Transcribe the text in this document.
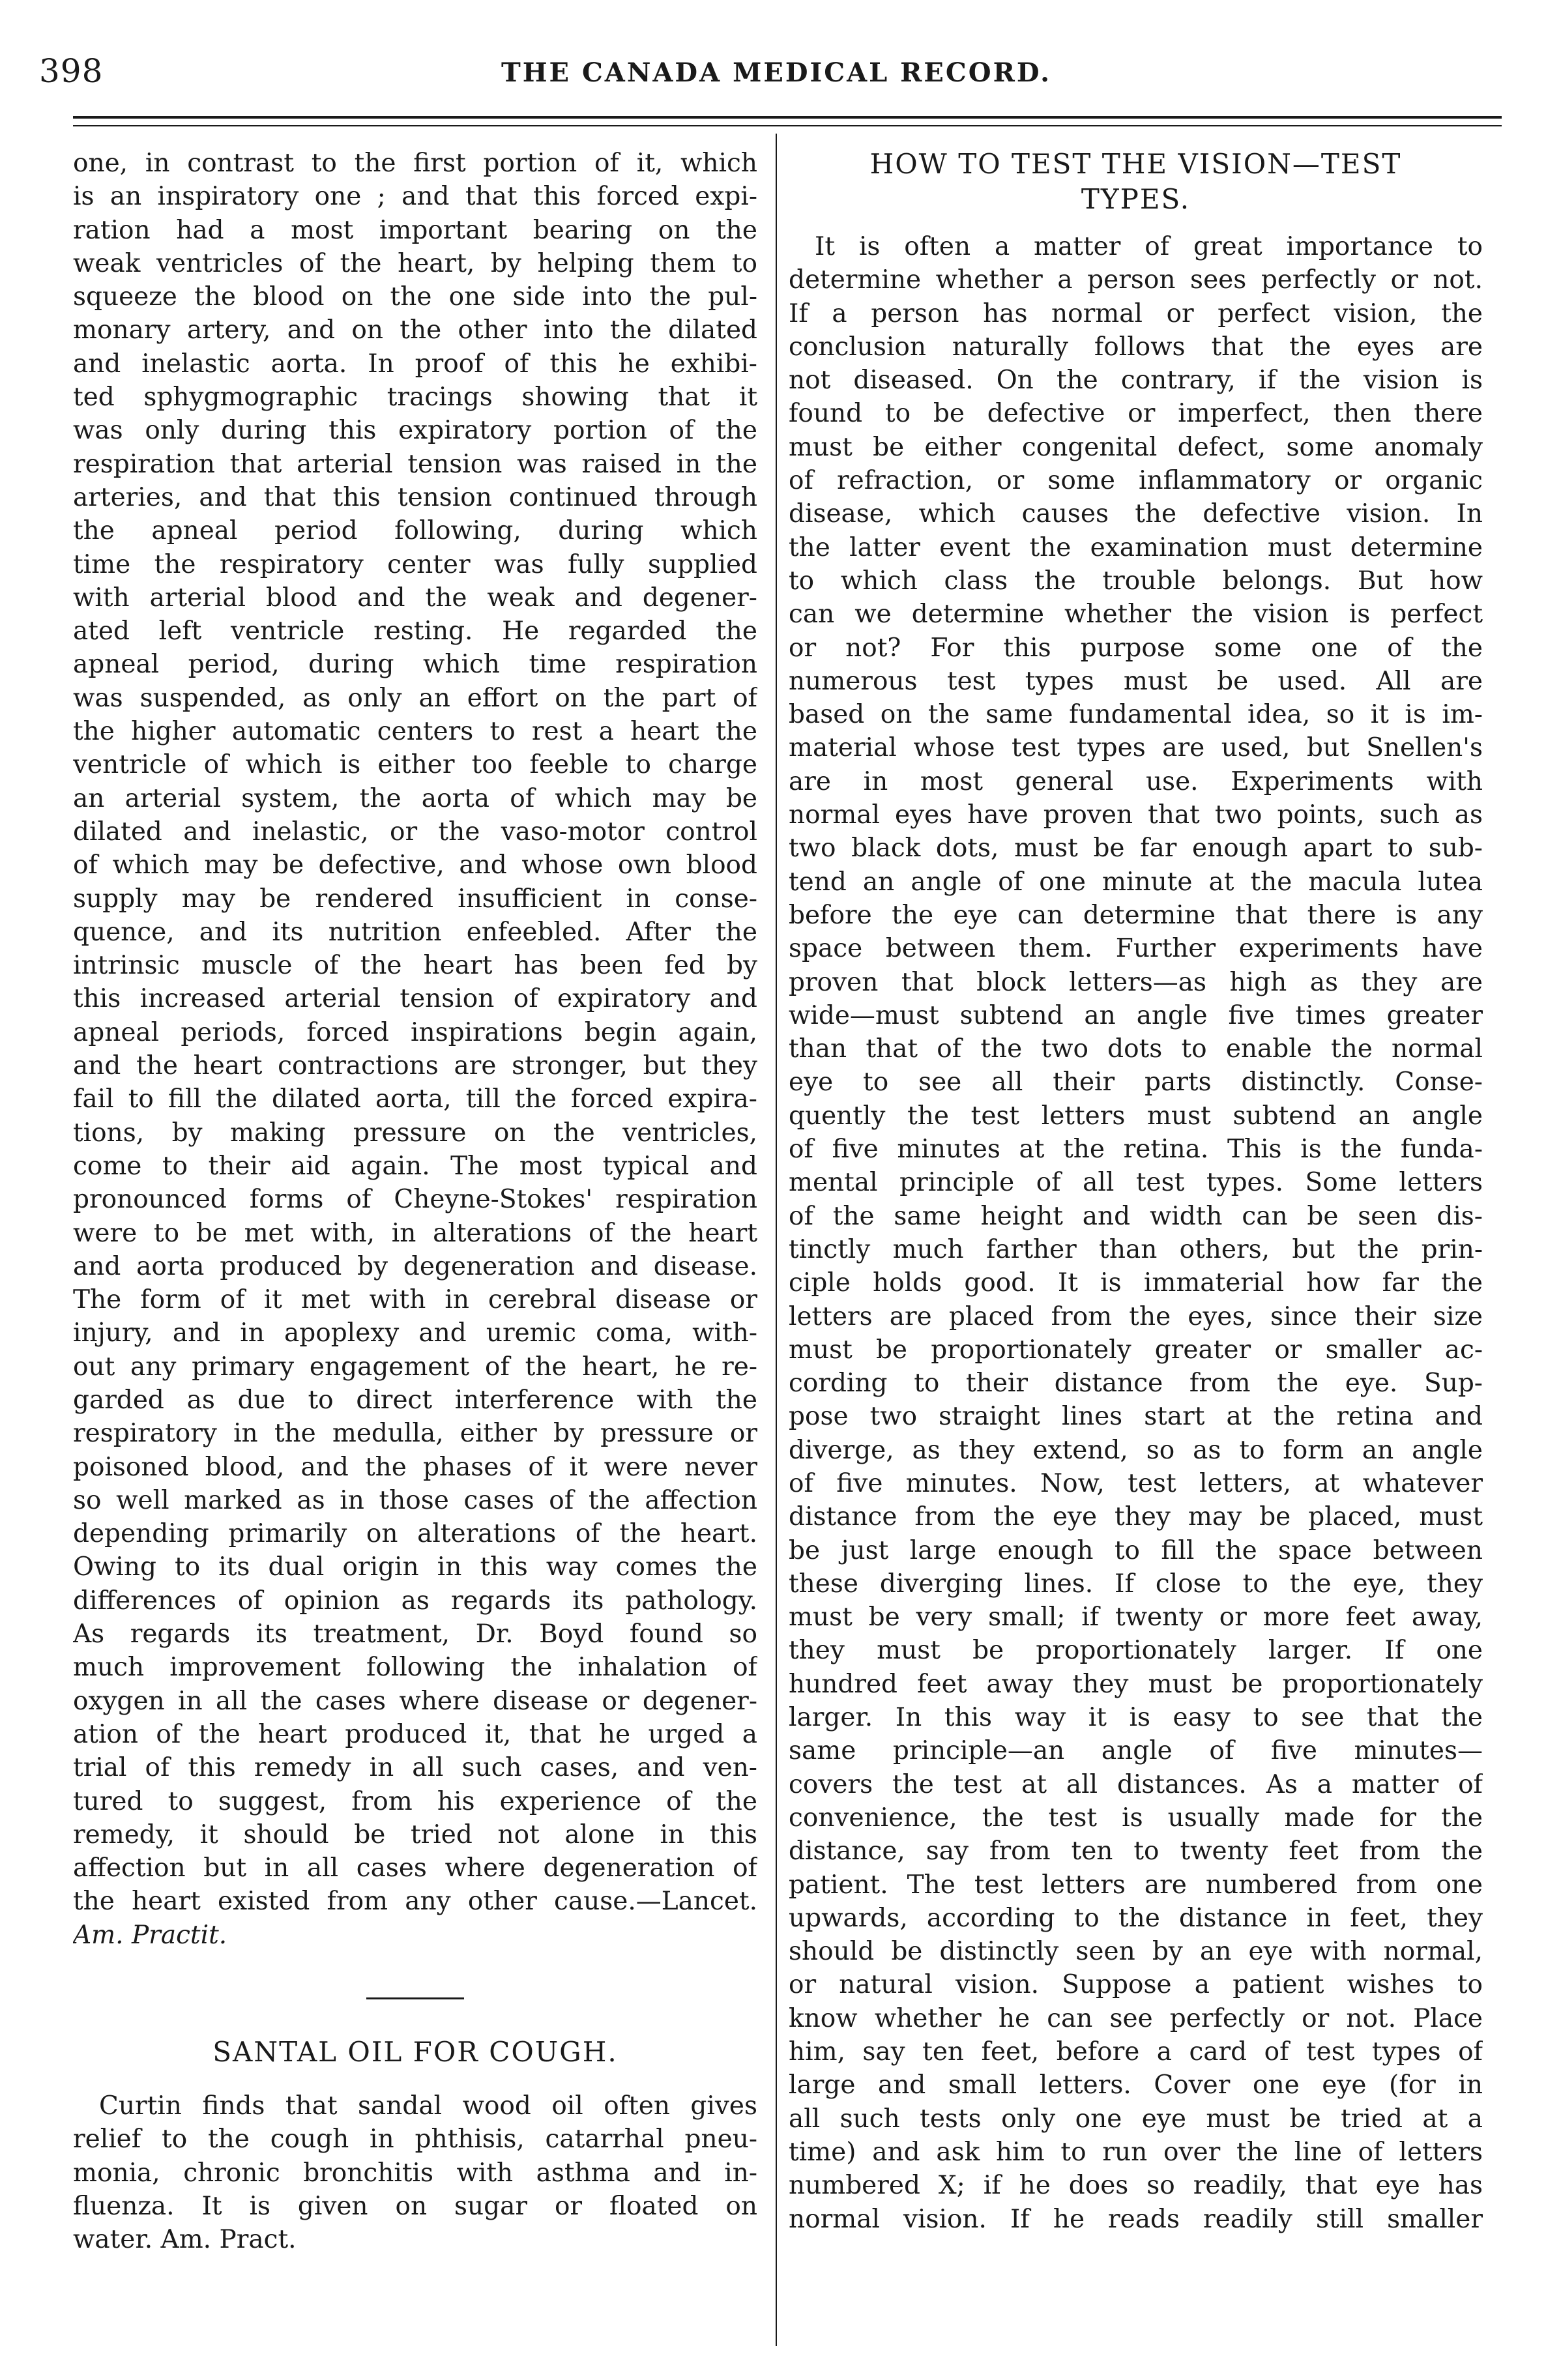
398	THE CANADA MEDICAL RECORD.
one, in contrast to the first portion of it, which
is an inspiratory one ; and that this forced expi-
ration had a most important bearing on the
weak ventricles of the heart, by helping them to
squeeze the blood on the one side into the pul-
monary artery, and on the other into the dilated
and inelastic aorta. In proof of this he exhibi-
ted sphygmographic tracings showing that it
was only during this expiratory portion of the
respiration that arterial tension was raised in the
arteries, and that this tension continued through
the apneal period following, during which
time the respiratory center was fully supplied
with arterial blood and the weak and degener-
ated left ventricle resting. He regarded the
apneal period, during which time respiration
was suspended, as only an effort on the part of
the higher automatic centers to rest a heart the
ventricle of which is either too feeble to charge
an arterial system, the aorta of which may be
dilated and inelastic, or the vaso-motor control
of which may be defective, and whose own blood
supply may be rendered insufficient in conse-
quence, and its nutrition enfeebled. After the
intrinsic muscle of the heart has been fed by
this increased arterial tension of expiratory and
apneal periods, forced inspirations begin again,
and the heart contractions are stronger, but they
fail to fill the dilated aorta, till the forced expira-
tions, by making pressure on the ventricles,
come to their aid again. The most typical and
pronounced forms of Cheyne-Stokes' respiration
were to be met with, in alterations of the heart
and aorta produced by degeneration and disease.
The form of it met with in cerebral disease or
injury, and in apoplexy and uremic coma, with-
out any primary engagement of the heart, he re-
garded as due to direct interference with the
respiratory in the medulla, either by pressure or
poisoned blood, and the phases of it were never
so well marked as in those cases of the affection
depending primarily on alterations of the heart.
Owing to its dual origin in this way comes the
differences of opinion as regards its pathology.
As regards its treatment, Dr. Boyd found so
much improvement following the inhalation of
oxygen in all the cases where disease or degener-
ation of the heart produced it, that he urged a
trial of this remedy in all such cases, and ven-
tured to suggest, from his experience of the
remedy, it should be tried not alone in this
affection but in all cases where degeneration of
the heart existed from any other cause.—Lancet.
Am. Practit.
SANTAL OIL FOR COUGH.
Curtin finds that sandal wood oil often gives
relief to the cough in phthisis, catarrhal pneu-
monia, chronic bronchitis with asthma and in-
fluenza. It is given on sugar or floated on
water. Am. Pract.
HOW TO TEST THE VISION—TEST
TYPES.
It is often a matter of great importance to
determine whether a person sees perfectly or not.
If a person has normal or perfect vision, the
conclusion naturally follows that the eyes are
not diseased. On the contrary, if the vision is
found to be defective or imperfect, then there
must be either congenital defect, some anomaly
of refraction, or some inflammatory or organic
disease, which causes the defective vision. In
the latter event the examination must determine
to which class the trouble belongs. But how
can we determine whether the vision is perfect
or not? For this purpose some one of the
numerous test types must be used. All are
based on the same fundamental idea, so it is im-
material whose test types are used, but Snellen's
are in most general use. Experiments with
normal eyes have proven that two points, such as
two black dots, must be far enough apart to sub-
tend an angle of one minute at the macula lutea
before the eye can determine that there is any
space between them. Further experiments have
proven that block letters—as high as they are
wide—must subtend an angle five times greater
than that of the two dots to enable the normal
eye to see all their parts distinctly. Conse-
quently the test letters must subtend an angle
of five minutes at the retina. This is the funda-
mental principle of all test types. Some letters
of the same height and width can be seen dis-
tinctly much farther than others, but the prin-
ciple holds good. It is immaterial how far the
letters are placed from the eyes, since their size
must be proportionately greater or smaller ac-
cording to their distance from the eye. Sup-
pose two straight lines start at the retina and
diverge, as they extend, so as to form an angle
of five minutes. Now, test letters, at whatever
distance from the eye they may be placed, must
be just large enough to fill the space between
these diverging lines. If close to the eye, they
must be very small; if twenty or more feet away,
they must be proportionately larger. If one
hundred feet away they must be proportionately
larger. In this way it is easy to see that the
same principle—an angle of five minutes—
covers the test at all distances. As a matter of
convenience, the test is usually made for the
distance, say from ten to twenty feet from the
patient. The test letters are numbered from one
upwards, according to the distance in feet, they
should be distinctly seen by an eye with normal,
or natural vision. Suppose a patient wishes to
know whether he can see perfectly or not. Place
him, say ten feet, before a card of test types of
large and small letters. Cover one eye (for in
all such tests only one eye must be tried at a
time) and ask him to run over the line of letters
numbered X; if he does so readily, that eye has
normal vision. If he reads readily still smaller
